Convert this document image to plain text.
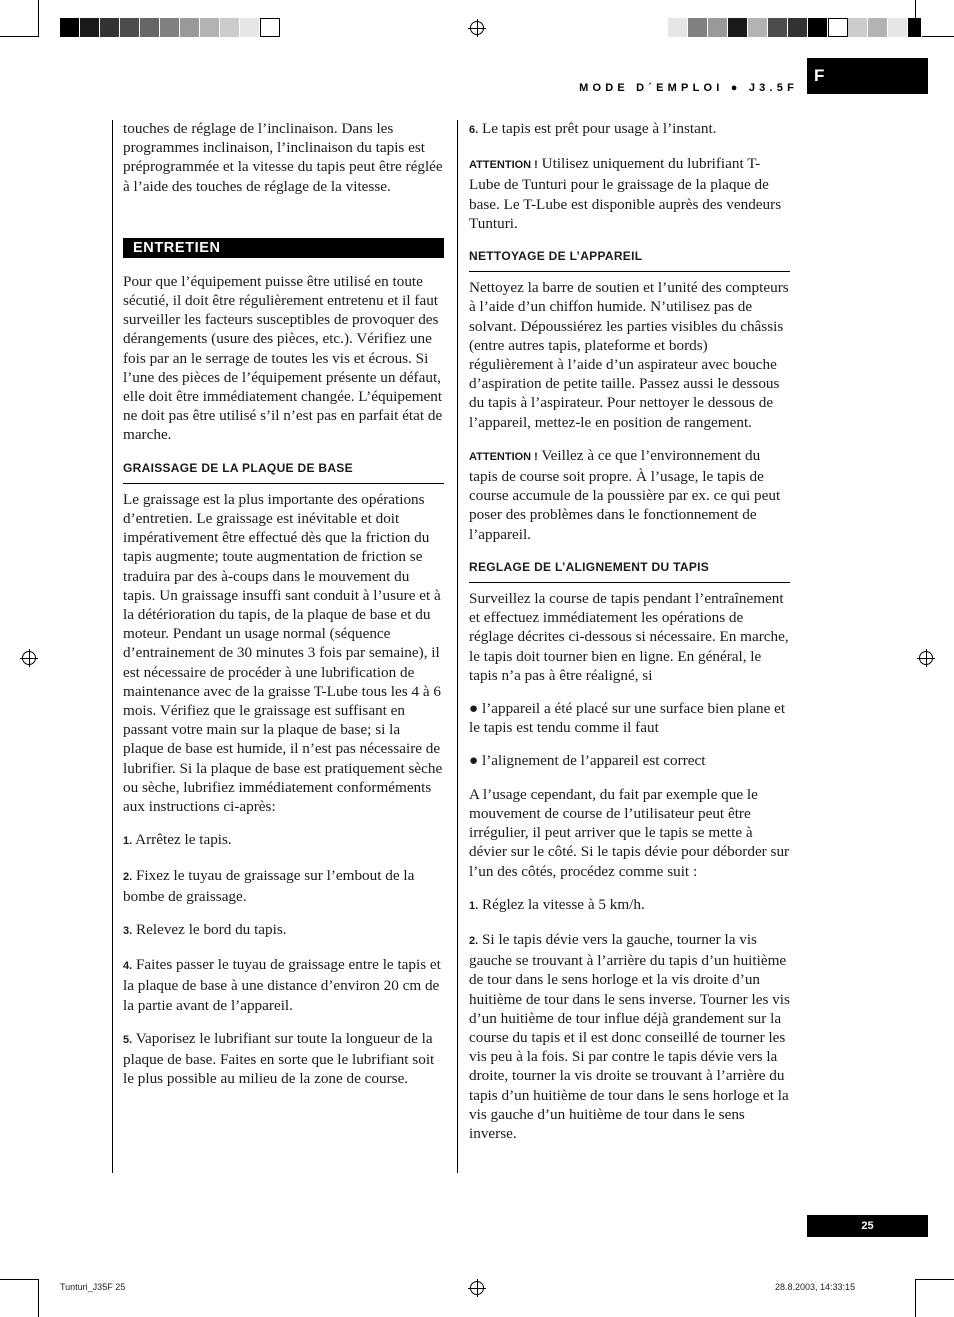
MODE D´EMPLOI ● J3.5F
F

touches de réglage de l’inclinaison. Dans les programmes inclinaison, l’inclinaison du tapis est préprogrammée et la vitesse du tapis peut être réglée à l’aide des touches de réglage de la vitesse.

ENTRETIEN

Pour que l’équipement puisse être utilisé en toute sécutié, il doit être régulièrement entretenu et il faut surveiller les facteurs susceptibles de provoquer des dérangements (usure des pièces, etc.). Vérifiez une fois par an le serrage de toutes les vis et écrous. Si l’une des pièces de l’équipement présente un défaut, elle doit être immédiatement changée. L’équipement ne doit pas être utilisé s’il n’est pas en parfait état de marche.

GRAISSAGE DE LA PLAQUE DE BASE

Le graissage est la plus importante des opérations d’entretien. Le graissage est inévitable et doit impérativement être effectué dès que la friction du tapis augmente; toute augmentation de friction se traduira par des à-coups dans le mouvement du tapis. Un graissage insuffi sant conduit à l’usure et à la détérioration du tapis, de la plaque de base et du moteur. Pendant un usage normal (séquence d’entrainement de 30 minutes 3 fois par semaine), il est nécessaire de procéder à une lubrification de maintenance avec de la graisse T-Lube tous les 4 à 6 mois. Vérifiez que le graissage est suffisant en passant votre main sur la plaque de base; si la plaque de base est humide, il n’est pas nécessaire de lubrifier. Si la plaque de base est pratiquement sèche ou sèche, lubrifiez immédiatement conforméments aux instructions ci-après:

1. Arrêtez le tapis.

2. Fixez le tuyau de graissage sur l’embout de la bombe de graissage.

3. Relevez le bord du tapis.

4. Faites passer le tuyau de graissage entre le tapis et la plaque de base à une distance d’environ 20 cm de la partie avant de l’appareil.

5. Vaporisez le lubrifiant sur toute la longueur de la plaque de base. Faites en sorte que le lubrifiant soit le plus possible au milieu de la zone de course.

6. Le tapis est prêt pour usage à l’instant.

ATTENTION ! Utilisez uniquement du lubrifiant T-Lube de Tunturi pour le graissage de la plaque de base. Le T-Lube est disponible auprès des vendeurs Tunturi.

NETTOYAGE DE L’APPAREIL

Nettoyez la barre de soutien et l’unité des compteurs à l’aide d’un chiffon humide. N’utilisez pas de solvant. Dépoussiérez les parties visibles du châssis (entre autres tapis, plateforme et bords) régulièrement à l’aide d’un aspirateur avec bouche d’aspiration de petite taille. Passez aussi le dessous du tapis à l’aspirateur. Pour nettoyer le dessous de l’appareil, mettez-le en position de rangement.

ATTENTION ! Veillez à ce que l’environnement du tapis de course soit propre. À l’usage, le tapis de course accumule de la poussière par ex. ce qui peut poser des problèmes dans le fonctionnement de l’appareil.

REGLAGE DE L’ALIGNEMENT DU TAPIS

Surveillez la course de tapis pendant l’entraînement et effectuez immédiatement les opérations de réglage décrites ci-dessous si nécessaire. En marche, le tapis doit tourner bien en ligne. En général, le tapis n’a pas à être réaligné, si

● l’appareil a été placé sur une surface bien plane et le tapis est tendu comme il faut

● l’alignement de l’appareil est correct

A l’usage cependant, du fait par exemple que le mouvement de course de l’utilisateur peut être irrégulier, il peut arriver que le tapis se mette à dévier sur le côté. Si le tapis dévie pour déborder sur l’un des côtés, procédez comme suit :

1. Réglez la vitesse à 5 km/h.

2. Si le tapis dévie vers la gauche, tourner la vis gauche se trouvant à l’arrière du tapis d’un huitième de tour dans le sens horloge et la vis droite d’un huitième de tour dans le sens inverse. Tourner les vis d’un huitième de tour influe déjà grandement sur la course du tapis et il est donc conseillé de tourner les vis peu à la fois. Si par contre le tapis dévie vers la droite, tourner la vis droite se trouvant à l’arrière du tapis d’un huitième de tour dans le sens horloge et la vis gauche d’un huitième de tour dans le sens inverse.

25
Tunturi_J35F 25	28.8.2003, 14:33:15
